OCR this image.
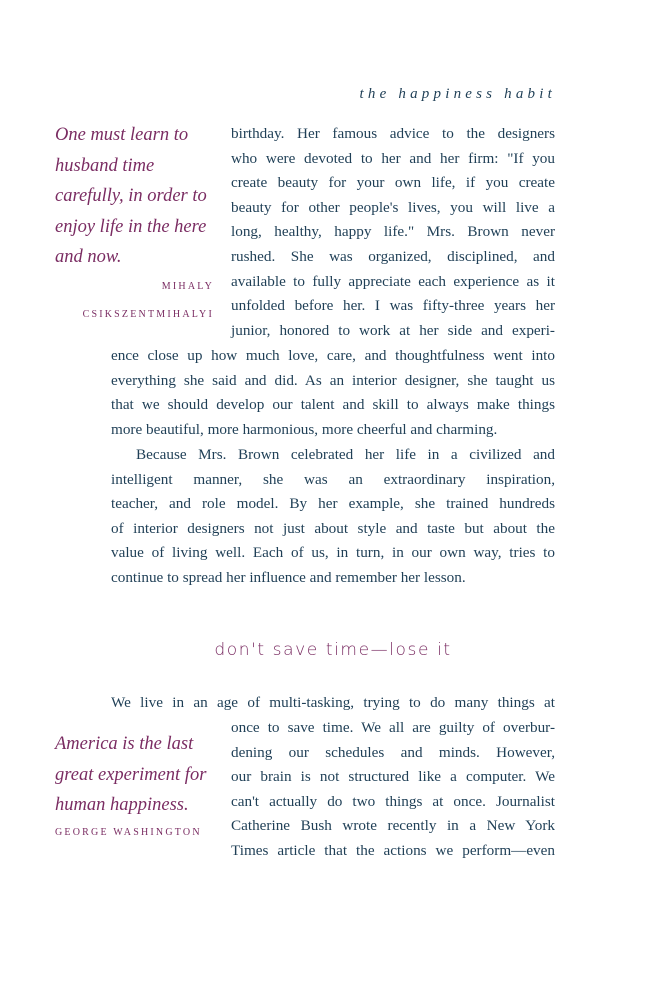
the happiness habit
One must learn to
husband time
carefully, in order to
enjoy life in the here
and now.
MIHALY
CSIKSZENTMIHALYI
birthday. Her famous advice to the designers
who were devoted to her and her firm: "If you
create beauty for your own life, if you create
beauty for other people's lives, you will live a
long, healthy, happy life." Mrs. Brown never
rushed. She was organized, disciplined, and
available to fully appreciate each experience as it
unfolded before her. I was fifty-three years her
junior, honored to work at her side and experi-
ence close up how much love, care, and thoughtfulness went into
everything she said and did. As an interior designer, she taught us
that we should develop our talent and skill to always make things
more beautiful, more harmonious, more cheerful and charming.
Because Mrs. Brown celebrated her life in a civilized and
intelligent manner, she was an extraordinary inspiration,
teacher, and role model. By her example, she trained hundreds
of interior designers not just about style and taste but about the
value of living well. Each of us, in turn, in our own way, tries to
continue to spread her influence and remember her lesson.
don't save time—lose it
We live in an age of multi-tasking, trying to do many things at
America is the last
great experiment for
human happiness.
GEORGE WASHINGTON
once to save time. We all are guilty of overbur-
dening our schedules and minds. However,
our brain is not structured like a computer. We
can't actually do two things at once. Journalist
Catherine Bush wrote recently in a New York
Times article that the actions we perform—even
